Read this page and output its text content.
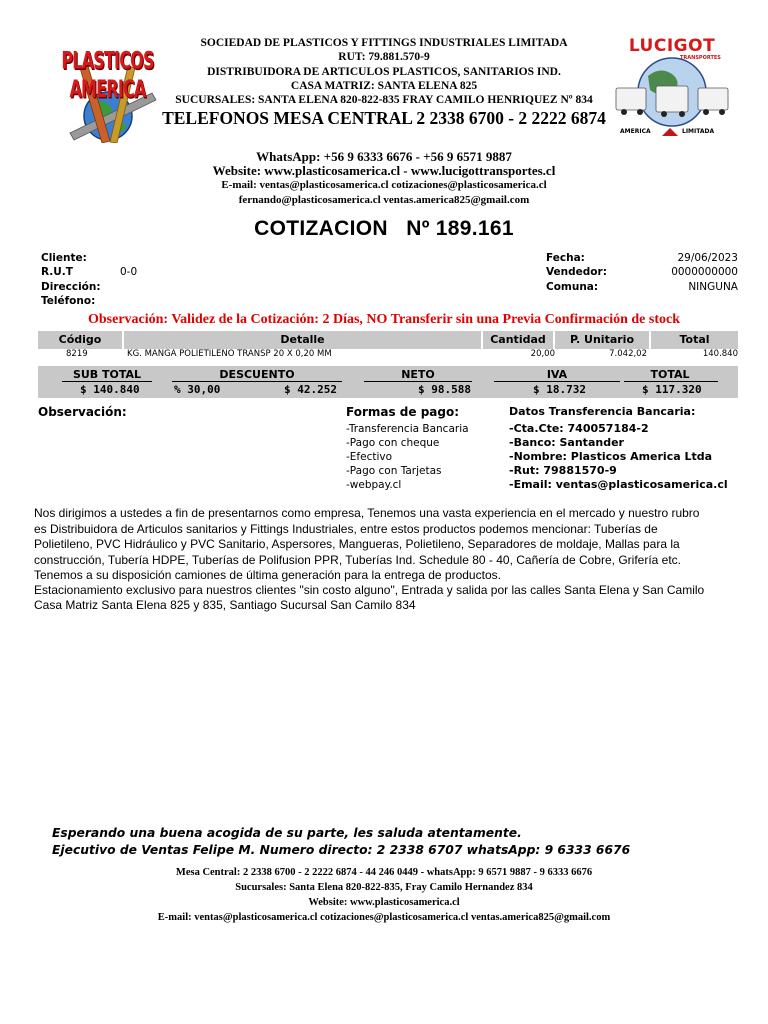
PLASTICOS AMERICA
LUCIGOT
TRANSPORTES
AMERICA	LIMITADA
SOCIEDAD DE PLASTICOS Y FITTINGS INDUSTRIALES LIMITADA
RUT: 79.881.570-9
DISTRIBUIDORA DE ARTICULOS PLASTICOS, SANITARIOS IND.
CASA MATRIZ: SANTA ELENA 825
SUCURSALES: SANTA ELENA 820-822-835 FRAY CAMILO HENRIQUEZ Nº 834
TELEFONOS MESA CENTRAL 2 2338 6700 - 2 2222 6874
WhatsApp: +56 9 6333 6676 - +56 9 6571 9887
Website: www.plasticosamerica.cl - www.lucigottransportes.cl
E-mail: ventas@plasticosamerica.cl cotizaciones@plasticosamerica.cl
fernando@plasticosamerica.cl ventas.america825@gmail.com
COTIZACION Nº 189.161
Cliente:
R.U.T	0-0
Dirección:
Teléfono:
Fecha:	29/06/2023
Vendedor:	0000000000
Comuna:	NINGUNA
Observación: Validez de la Cotización: 2 Días, NO Transferir sin una Previa Confirmación de stock
Código	Detalle	Cantidad	P. Unitario	Total
8219	KG. MANGA POLIETILENO TRANSP 20 X 0,20 MM	20,00	7.042,02	140.840
SUB TOTAL	DESCUENTO	NETO	IVA	TOTAL
$ 140.840	% 30,00	$ 42.252	$ 98.588	$ 18.732	$ 117.320
Observación:	Formas de pago:
-Transferencia Bancaria
-Pago con cheque
-Efectivo
-Pago con Tarjetas
-webpay.cl
Datos Transferencia Bancaria:
-Cta.Cte: 740057184-2
-Banco: Santander
-Nombre: Plasticos America Ltda
-Rut: 79881570-9
-Email: ventas@plasticosamerica.cl
Nos dirigimos a ustedes a fin de presentarnos como empresa, Tenemos una vasta experiencia en el mercado y nuestro rubro
es Distribuidora de Articulos sanitarios y Fittings Industriales, entre estos productos podemos mencionar: Tuberías de
Polietileno, PVC Hidráulico y PVC Sanitario, Aspersores, Mangueras, Polietileno, Separadores de moldaje, Mallas para la
construcción, Tubería HDPE, Tuberías de Polifusion PPR, Tuberías Ind. Schedule 80 - 40, Cañería de Cobre, Grifería etc.
Tenemos a su disposición camiones de última generación para la entrega de productos.
Estacionamiento exclusivo para nuestros clientes "sin costo alguno", Entrada y salida por las calles Santa Elena y San Camilo
Casa Matriz Santa Elena 825 y 835, Santiago Sucursal San Camilo 834
Esperando una buena acogida de su parte, les saluda atentamente.
Ejecutivo de Ventas Felipe M. Numero directo: 2 2338 6707 whatsApp: 9 6333 6676
Mesa Central: 2 2338 6700 - 2 2222 6874 - 44 246 0449 - whatsApp: 9 6571 9887 - 9 6333 6676
Sucursales: Santa Elena 820-822-835, Fray Camilo Hernandez 834
Website: www.plasticosamerica.cl
E-mail: ventas@plasticosamerica.cl cotizaciones@plasticosamerica.cl ventas.america825@gmail.com
